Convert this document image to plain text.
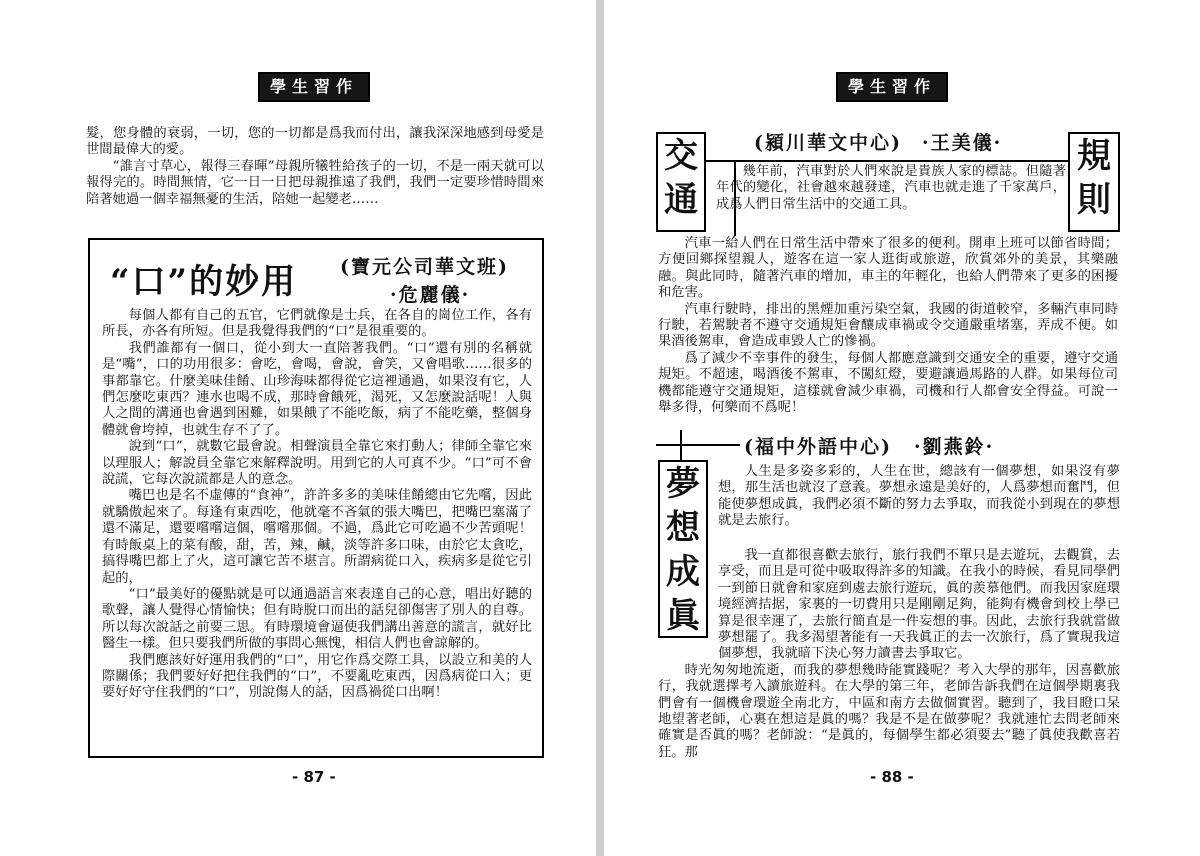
學生習作

髮，您身體的衰弱，一切，您的一切都是爲我而付出，讓我深深地感到母愛是世間最偉大的愛。

“誰言寸草心，報得三春暉”母親所犧牲給孩子的一切，不是一兩天就可以報得完的。時間無情，它一日一日把母親推遠了我們，我們一定要珍惜時間來陪著她過一個幸福無憂的生活，陪她一起變老……

“口”的妙用 (寶元公司華文班)
·危麗儀·

每個人都有自己的五官，它們就像是士兵，在各自的崗位工作，各有所長，亦各有所短。但是我覺得我們的“口”是很重要的。

我們誰都有一個口，從小到大一直陪著我們。“口”還有別的名稱就是“嘴”，口的功用很多：會吃，會喝，會說，會笑，又會唱歌……很多的事都靠它。什麼美味佳餚、山珍海味都得從它這裡通過，如果沒有它，人們怎麼吃東西？連水也喝不成，那時會餓死，渴死，又怎麼說話呢！人與人之間的溝通也會遇到困難，如果餓了不能吃飯，病了不能吃藥，整個身體就會垮掉，也就生存不了了。

說到“口”，就數它最會說。相聲演員全靠它來打動人；律師全靠它來以理服人；解說員全靠它來解釋說明。用到它的人可真不少。“口”可不會說謊，它每次說謊都是人的意念。

嘴巴也是名不虛傳的“食神”，許許多多的美味佳餚總由它先嚐，因此就驕傲起來了。每逢有東西吃，他就毫不吝氣的張大嘴巴，把嘴巴塞滿了還不滿足，還要嚐嚐這個，嚐嚐那個。不過，爲此它可吃過不少苦頭呢！有時飯桌上的菜有酸，甜，苦，辣，鹹，淡等許多口味，由於它太貪吃，搞得嘴巴都上了火，這可讓它苦不堪言。所謂病從口入，疾病多是從它引起的，

“口”最美好的優點就是可以通過語言來表達自己的心意，唱出好聽的歌聲，讓人覺得心情愉快；但有時脫口而出的話兒卻傷害了別人的自尊。所以每次說話之前要三思。有時環境會逼使我們講出善意的謊言，就好比醫生一樣。但只要我們所做的事問心無愧，相信人們也會諒解的。

我們應該好好運用我們的“口”，用它作爲交際工具，以設立和美的人際關係；我們要好好把住我們的“口”，不要亂吃東西，因爲病從口入；更要好好守住我們的“口”，別說傷人的話，因爲禍從口出啊！

- 87 -
學生習作
交
通
規
則
(潁川華文中心) ·王美儀·

幾年前，汽車對於人們來說是貴族人家的標誌。但隨著年代的變化，社會越來越發達，汽車也就走進了千家萬戶，成爲人們日常生活中的交通工具。

汽車一給人們在日常生活中帶來了很多的便利。開車上班可以節省時間；方便回鄉探望親人，遊客在這一家人逛街或旅遊，欣賞郊外的美景，其樂融融。與此同時，隨著汽車的增加，車主的年輕化，也給人們帶來了更多的困擾和危害。

汽車行駛時，排出的黑煙加重污染空氣，我國的街道較窄，多輛汽車同時行駛，若駕駛者不遵守交通規矩會釀成車禍或令交通嚴重堵塞，弄成不便。如果酒後駕車，會造成車毀人亡的慘禍。

爲了減少不幸事件的發生，每個人都應意識到交通安全的重要，遵守交通規矩。不超速，喝酒後不駕車，不闖紅燈，要避讓過馬路的人群。如果每位司機都能遵守交通規矩，這樣就會減少車禍，司機和行人都會安全得益。可說一舉多得，何樂而不爲呢！

(福中外語中心) ·劉燕鈴·
夢
想
成
眞

人生是多姿多彩的，人生在世，總該有一個夢想，如果沒有夢想，那生活也就沒了意義。夢想永遠是美好的，人爲夢想而奮鬥，但能使夢想成眞，我們必須不斷的努力去爭取，而我從小到現在的夢想就是去旅行。

我一直都很喜歡去旅行，旅行我們不單只是去遊玩，去觀賞，去享受，而且是可從中吸取得許多的知識。在我小的時候，看見同學們一到節日就會和家庭到處去旅行遊玩，眞的羨慕他們。而我因家庭環境經濟拮据，家裏的一切費用只是剛剛足夠，能夠有機會到校上學已算是很幸運了，去旅行簡直是一件妄想的事。因此，去旅行我就當做夢想罷了。我多渴望著能有一天我眞正的去一次旅行，爲了實現我這個夢想，我就暗下決心努力讀書去爭取它。

時光匆匆地流逝，而我的夢想幾時能實踐呢？考入大學的那年，因喜歡旅行，我就選擇考入讀旅遊科。在大學的第三年，老師告訴我們在這個學期裏我們會有一個機會環遊全南北方，中區和南方去做個實習。聽到了，我目瞪口呆地望著老師，心裏在想這是眞的嗎？我是不是在做夢呢？我就連忙去問老師來確實是否眞的嗎？老師說：“是眞的，每個學生都必須要去”聽了眞使我歡喜若狂。那

- 88 -
